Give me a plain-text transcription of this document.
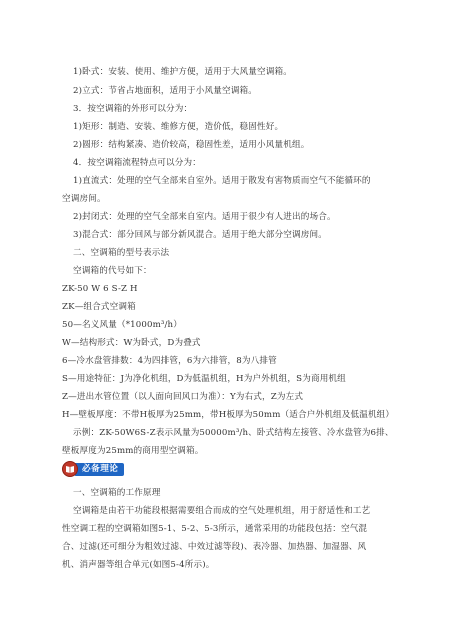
1)卧式：安装、使用、维护方便，适用于大风量空调箱。
2)立式：节省占地面积，适用于小风量空调箱。
3．按空调箱的外形可以分为：
1)矩形：制造、安装、维修方便，造价低，稳固性好。
2)圆形：结构紧凑、造价较高，稳固性差，适用小风量机组。
4．按空调箱流程特点可以分为：
1)直流式：处理的空气全部来自室外。适用于散发有害物质而空气不能循环的
空调房间。
2)封闭式：处理的空气全部来自室内。适用于很少有人进出的场合。
3)混合式：部分回风与部分新风混合。适用于绝大部分空调房间。
二、空调箱的型号表示法
空调箱的代号如下：
ZK-50 W 6 S-Z H
ZK—组合式空调箱
50—名义风量（*1000m³/h）
W—结构形式：W为卧式，D为叠式
6—冷水盘管排数：4为四排管，6为六排管，8为八排管
S—用途特征：J为净化机组，D为低温机组，H为户外机组，S为商用机组
Z—进出水管位置（以人面向回风口为准）：Y为右式，Z为左式
H—壁板厚度：不带H板厚为25mm，带H板厚为50mm（适合户外机组及低温机组）
示例：ZK-50W6S-Z表示风量为50000m³/h、卧式结构左接管、冷水盘管为6排、
壁板厚度为25mm的商用型空调箱。
必备理论
一、空调箱的工作原理
空调箱是由若干功能段根据需要组合而成的空气处理机组，用于舒适性和工艺
性空调工程的空调箱如图5-1、5-2、5-3所示，通常采用的功能段包括：空气混
合、过滤(还可细分为粗效过滤、中效过滤等段)、表冷器、加热器、加湿器、风
机、消声器等组合单元(如图5-4所示)。
